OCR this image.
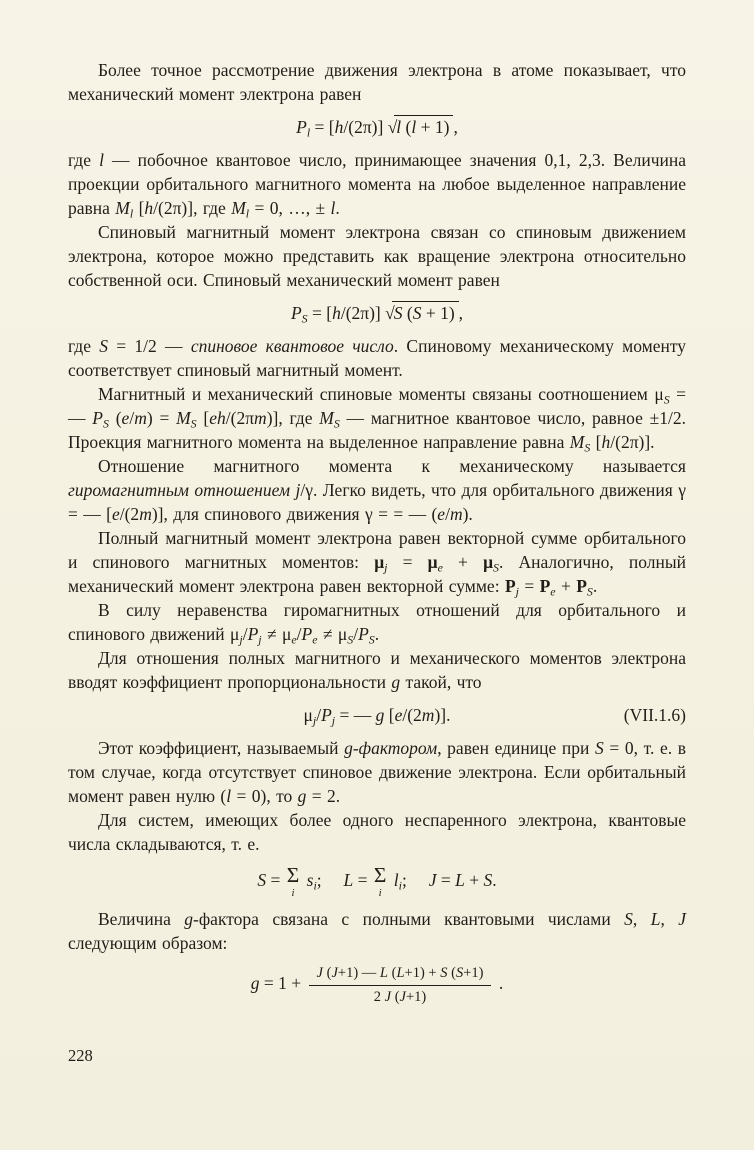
Более точное рассмотрение движения электрона в атоме показывает, что механический момент электрона равен

$P_l = [h/(2\pi)]$ √l (l + 1) ,

где l — побочное квантовое число, принимающее значения 0,1, 2,3. Величина проекции орбитального магнитного момента на любое выделенное направление равна $M_l$ [h/(2π)], где $M_l = 0$, …, ± l.

Спиновый магнитный момент электрона связан со спиновым движением электрона, которое можно представить как вращение электрона относительно собственной оси. Спиновый механический момент равен

$P_S = [h/(2\pi)]$ √S (S + 1) ,

где S = 1/2 — спиновое квантовое число. Спиновому механическому моменту соответствует спиновый магнитный момент.

Магнитный и механический спиновые моменты связаны соотношением $\mu_S$ = — $P_S$ $(e/m) = M_S$ [eh/(2πm)], где $M_S$ — магнитное квантовое число, равное ±1/2. Проекция магнитного момента на выделенное направление равна $M_S$ [h/(2π)].

Отношение магнитного момента к механическому называется гиромагнитным отношением j/γ. Легко видеть, что для орбитального движения γ = — [e/(2m)], для спинового движения γ = = — (e/m).

Полный магнитный момент электрона равен векторной сумме орбитального и спинового магнитных моментов: $\mu_j = \mu_e + \mu_S$. Аналогично, полный механический момент электрона равен векторной сумме: $P_j = P_e + P_S$.

В силу неравенства гиромагнитных отношений для орбитального и спинового движений $\mu_j/P_j \ne \mu_e/P_e \ne \mu_S/P_S$.

Для отношения полных магнитного и механического моментов электрона вводят коэффициент пропорциональности g такой, что

$\mu_j/P_j$ = — g [e/(2m)].	(VII.1.6)

Этот коэффициент, называемый g-фактором, равен единице при S = 0, т. е. в том случае, когда отсутствует спиновое движение электрона. Если орбитальный момент равен нулю (l = 0), то g = 2.

Для систем, имеющих более одного неспаренного электрона, квантовые числа складываются, т. е.

S = Σ
i
$s_i$;  L = Σ
i
$l_i$;  J = L + S.

Величина g-фактора связана с полными квантовыми числами S, L, J следующим образом:

$g = 1 + \frac{J (J+1) — L (L+1) + S (S+1)}{2 J (J+1)}$ .
228
